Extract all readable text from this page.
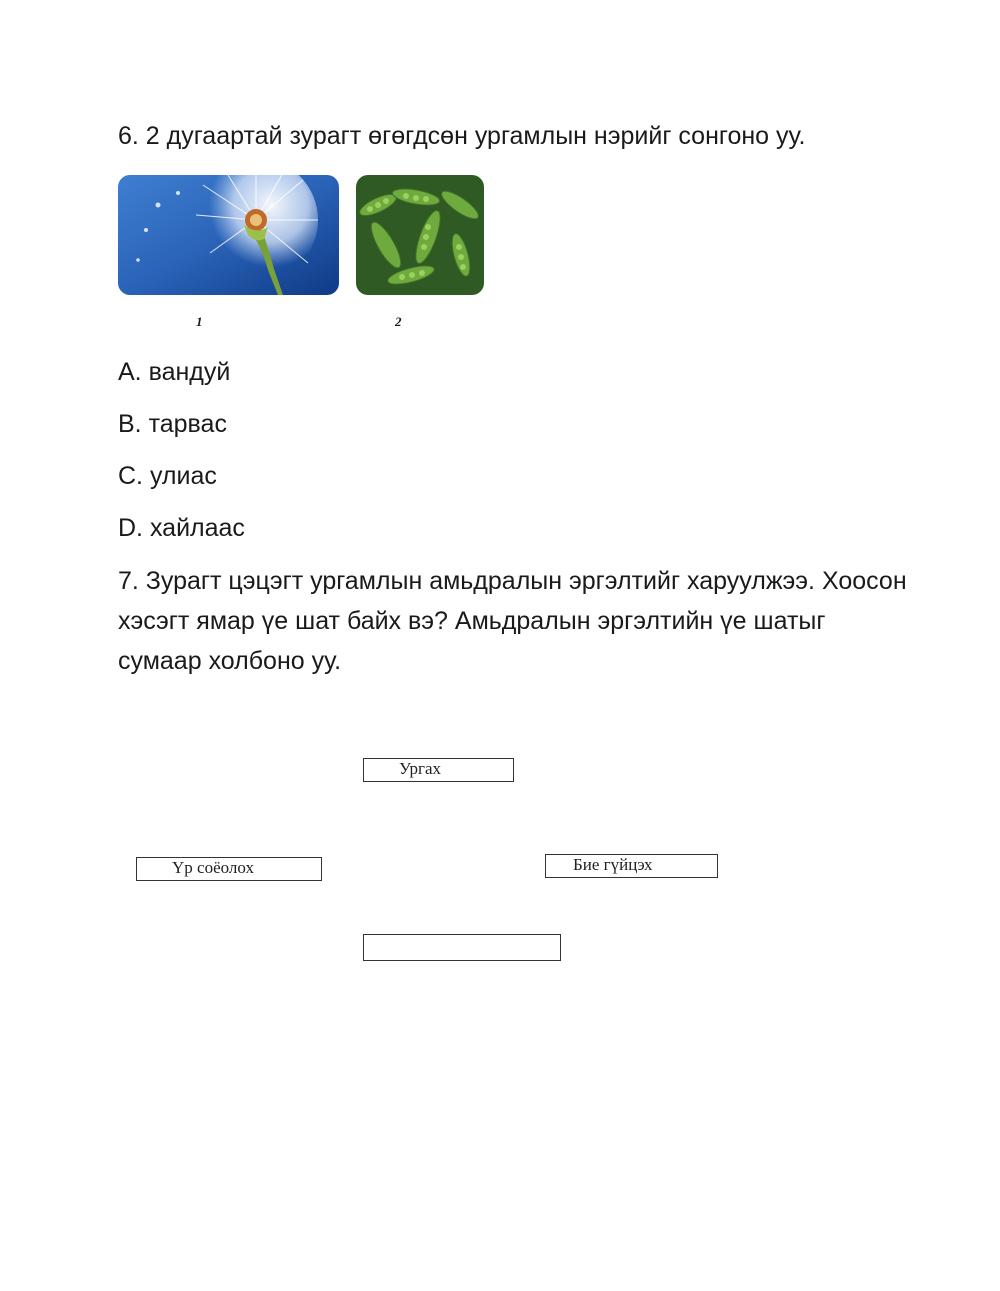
6. 2 дугаартай зурагт өгөгдсөн ургамлын нэрийг сонгоно уу.

1	2
A. вандуй
B. тарвас
C. улиас
D. хайлаас

7. Зурагт цэцэгт ургамлын амьдралын эргэлтийг харуулжээ. Хоосон хэсэгт ямар үе шат байх вэ? Амьдралын эргэлтийн үе шатыг сумаар холбоно уу.

Ургах
Үр соёолох	Бие гүйцэх
